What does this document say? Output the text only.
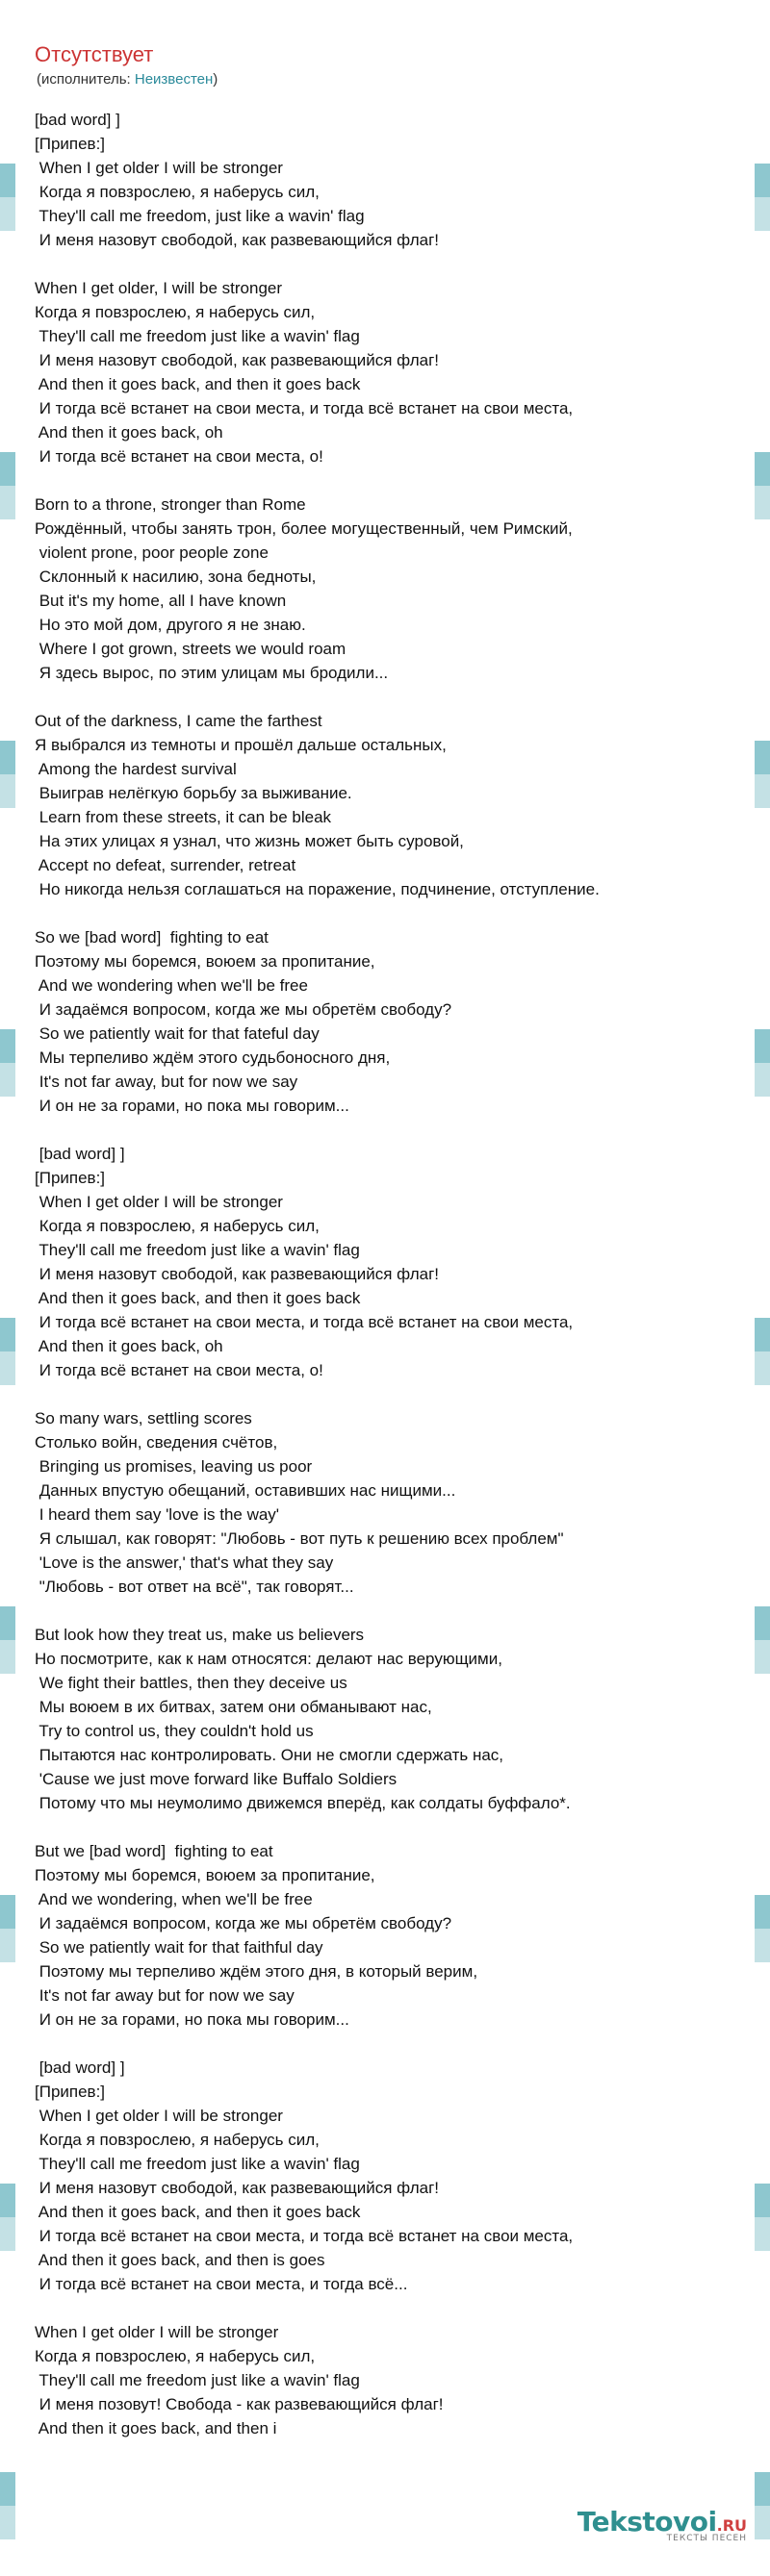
Отсутствует
(исполнитель: Неизвестен)
[bad word] ]
[Припев:]
When I get older I will be stronger
Когда я повзрослею, я наберусь сил,
They'll call me freedom, just like a wavin' flag
И меня назовут свободой, как развевающийся флаг!
When I get older, I will be stronger
Когда я повзрослею, я наберусь сил,
They'll call me freedom just like a wavin' flag
И меня назовут свободой, как развевающийся флаг!
And then it goes back, and then it goes back
И тогда всё встанет на свои места, и тогда всё встанет на свои места,
And then it goes back, oh
И тогда всё встанет на свои места, о!
Born to a throne, stronger than Rome
Рождённый, чтобы занять трон, более могущественный, чем Римский,
violent prone, poor people zone
Склонный к насилию, зона бедноты,
But it's my home, all I have known
Но это мой дом, другого я не знаю.
Where I got grown, streets we would roam
Я здесь вырос, по этим улицам мы бродили...
Out of the darkness, I came the farthest
Я выбрался из темноты и прошёл дальше остальных,
Among the hardest survival
Выиграв нелёгкую борьбу за выживание.
Learn from these streets, it can be bleak
На этих улицах я узнал, что жизнь может быть суровой,
Accept no defeat, surrender, retreat
Но никогда нельзя соглашаться на поражение, подчинение, отступление.
So we [bad word]  fighting to eat
Поэтому мы боремся, воюем за пропитание,
And we wondering when we'll be free
И задаёмся вопросом, когда же мы обретём свободу?
So we patiently wait for that fateful day
Мы терпеливо ждём этого судьбоносного дня,
It's not far away, but for now we say
И он не за горами, но пока мы говорим...
[bad word] ]
[Припев:]
When I get older I will be stronger
Когда я повзрослею, я наберусь сил,
They'll call me freedom just like a wavin' flag
И меня назовут свободой, как развевающийся флаг!
And then it goes back, and then it goes back
И тогда всё встанет на свои места, и тогда всё встанет на свои места,
And then it goes back, oh
И тогда всё встанет на свои места, о!
So many wars, settling scores
Столько войн, сведения счётов,
Bringing us promises, leaving us poor
Данных впустую обещаний, оставивших нас нищими...
I heard them say 'love is the way'
Я слышал, как говорят: "Любовь - вот путь к решению всех проблем"
'Love is the answer,' that's what they say
"Любовь - вот ответ на всё", так говорят...
But look how they treat us, make us believers
Но посмотрите, как к нам относятся: делают нас верующими,
We fight their battles, then they deceive us
Мы воюем в их битвах, затем они обманывают нас,
Try to control us, they couldn't hold us
Пытаются нас контролировать. Они не смогли сдержать нас,
'Cause we just move forward like Buffalo Soldiers
Потому что мы неумолимо движемся вперёд, как солдаты буффало*.
But we [bad word]  fighting to eat
Поэтому мы боремся, воюем за пропитание,
And we wondering, when we'll be free
И задаёмся вопросом, когда же мы обретём свободу?
So we patiently wait for that faithful day
Поэтому мы терпеливо ждём этого дня, в который верим,
It's not far away but for now we say
И он не за горами, но пока мы говорим...
[bad word] ]
[Припев:]
When I get older I will be stronger
Когда я повзрослею, я наберусь сил,
They'll call me freedom just like a wavin' flag
И меня назовут свободой, как развевающийся флаг!
And then it goes back, and then it goes back
И тогда всё встанет на свои места, и тогда всё встанет на свои места,
And then it goes back, and then is goes
И тогда всё встанет на свои места, и тогда всё...
When I get older I will be stronger
Когда я повзрослею, я наберусь сил,
They'll call me freedom just like a wavin' flag
И меня позовут! Свобода - как развевающийся флаг!
And then it goes back, and then i
Tekstovoi.RU
ТЕКСТЫ ПЕСЕН
